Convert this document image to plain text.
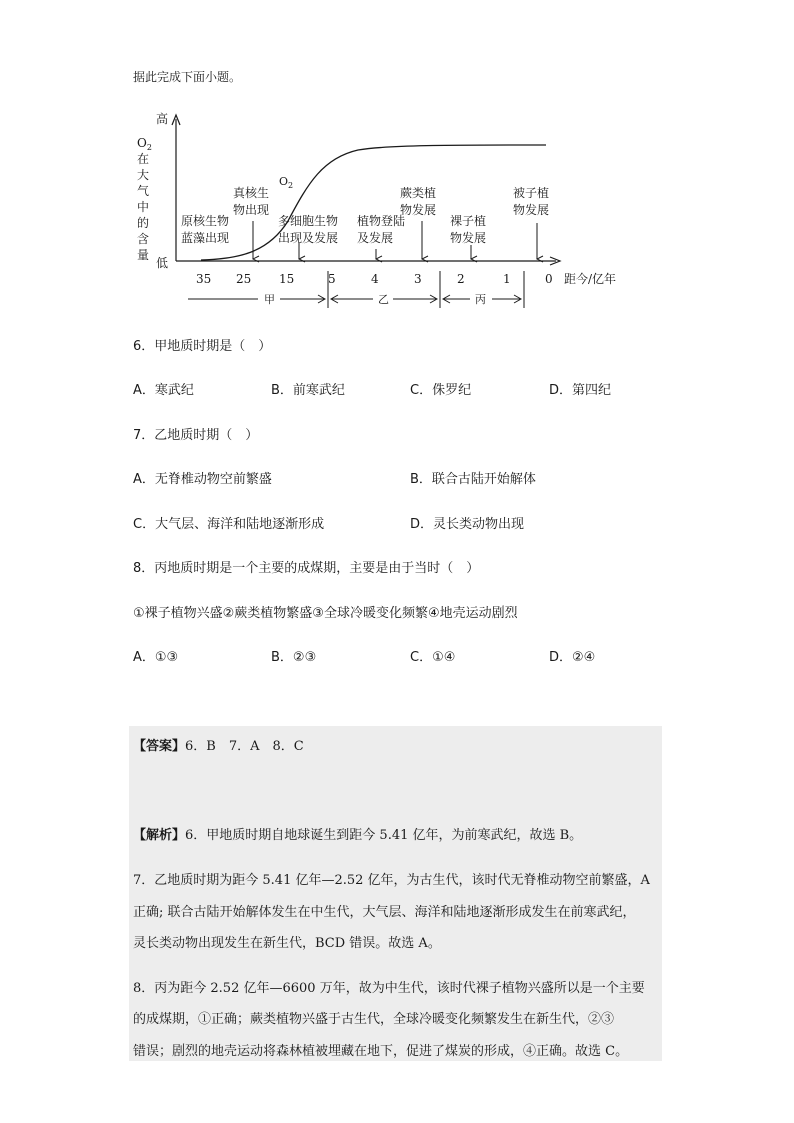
据此完成下面小题。
高
低
$O_2$ 在 大 气 中 的 含 量
$O_2$
35 25 15	5	4	3	2	1	0 距今/亿年
原核生物
蓝藻出现
真核生
物出现
多细胞生物
出现及发展
植物登陆
及发展
蕨类植
物发展
裸子植
物发展
被子植
物发展
甲	乙	丙
6．甲地质时期是（　）
A．寒武纪	B．前寒武纪	C．侏罗纪	D．第四纪
7．乙地质时期（　）
A．无脊椎动物空前繁盛	B．联合古陆开始解体
C．大气层、海洋和陆地逐渐形成	D．灵长类动物出现
8．丙地质时期是一个主要的成煤期，主要是由于当时（　）
①裸子植物兴盛②蕨类植物繁盛③全球冷暖变化频繁④地壳运动剧烈
A．①③	B．②③	C．①④	D．②④
【答案】6．B　7．A　8．C
【解析】6．甲地质时期自地球诞生到距今 5.41 亿年，为前寒武纪，故选 B。
7．乙地质时期为距今 5.41 亿年—2.52 亿年，为古生代，该时代无脊椎动物空前繁盛，A
正确; 联合古陆开始解体发生在中生代，大气层、海洋和陆地逐渐形成发生在前寒武纪，
灵长类动物出现发生在新生代，BCD 错误。故选 A。
8．丙为距今 2.52 亿年—6600 万年，故为中生代，该时代裸子植物兴盛所以是一个主要
的成煤期，①正确；蕨类植物兴盛于古生代，全球冷暖变化频繁发生在新生代，②③
错误；剧烈的地壳运动将森林植被埋藏在地下，促进了煤炭的形成，④正确。故选 C。
